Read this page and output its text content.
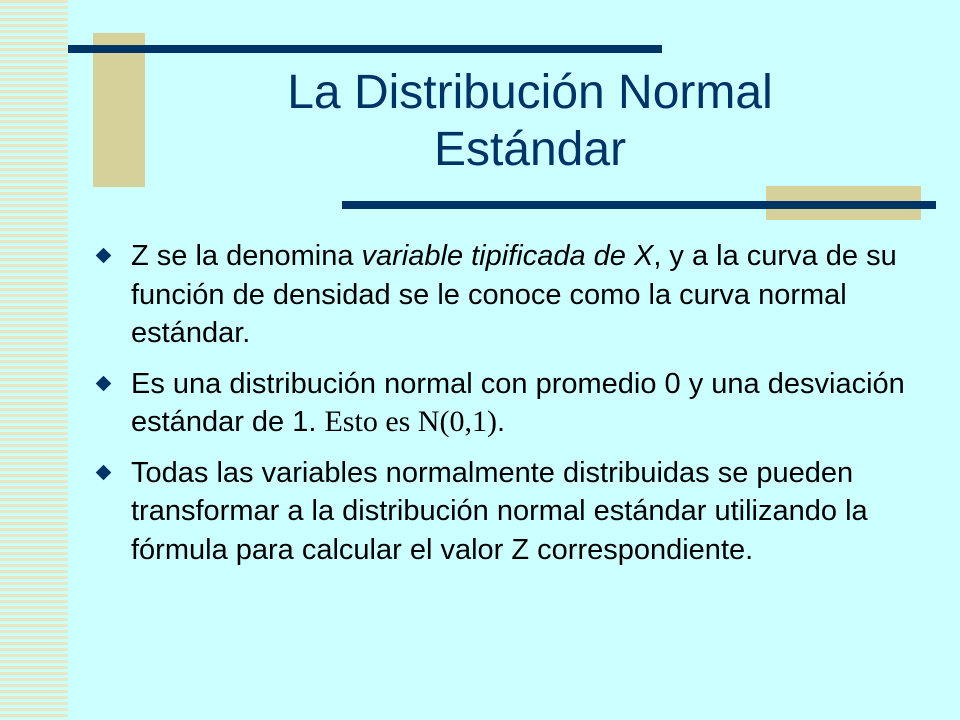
La Distribución Normal
Estándar
Z se la denomina variable tipificada de X, y a la curva de su función de densidad se le conoce como la curva normal estándar.
Es una distribución normal con promedio 0 y una desviación estándar de 1. Esto es N(0,1).
Todas las variables normalmente distribuidas se pueden transformar a la distribución normal estándar utilizando la fórmula para calcular el valor Z correspondiente.
